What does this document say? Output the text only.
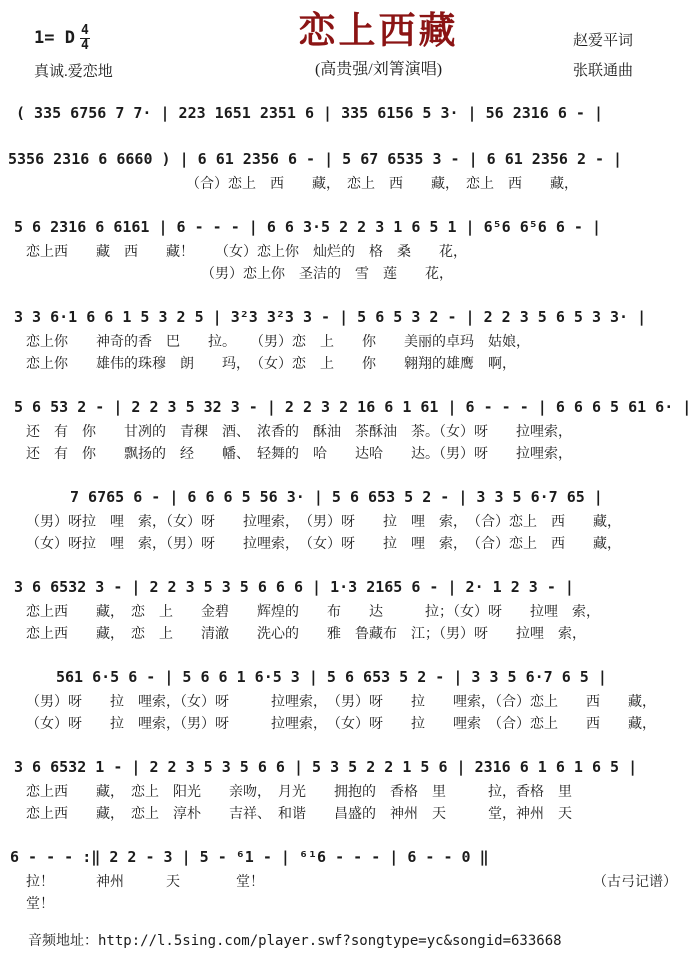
1= D $\frac{4}{4}$
真诚.爱恋地
恋上西藏
(高贵强/刘箐演唱)
赵爱平词
张联通曲
( 335 6756 7 7· | 223 1651 2351 6 | 335 6156 5 3· | 56 2316 6 - |
5356 2316 6 6660 ) | 6 61 2356 6 - | 5 67 6535 3 - | 6 61 2356 2 - |
（合）恋上　西　　藏，　恋上　西　　藏，　恋上　西　　藏，
5 6 2316 6 6161 | 6 - - - | 6 6 3·5 2 2 3 1 6 5 1 | 6⁵6 6⁵6 6 - |
恋上西　　藏　西　　藏！　　（女）恋上你　灿烂的　格　桑　　花，
　　　　　　　　　　　　　（男）恋上你　圣洁的　雪　莲　　花，
3 3 6·1 6 6 1 5 3 2 5 | 3²3 3²3 3 - | 5 6 5 3 2 - | 2 2 3 5 6 5 3 3· |
恋上你　　神奇的香　巴　　拉。　　（男）恋　上　　你　　美丽的卓玛　姑娘，
恋上你　　雄伟的珠穆　朗　　玛，　（女）恋　上　　你　　翱翔的雄鹰　啊，
5 6 53 2 - | 2 2 3 5 32 3 - | 2 2 3 2 16 6 1 61 | 6 - - - | 6 6 6 5 61 6· |
还　有　你　　甘冽的　青稞　酒、　浓香的　酥油　茶酥油　茶。（女）呀　　拉哩索，
还　有　你　　飘扬的　经　　幡、　轻舞的　哈　　达哈　　达。（男）呀　　拉哩索，
7 6765 6 - | 6 6 6 5 56 3· | 5 6 653 5 2 - | 3 3 5 6·7 65 |
（男）呀拉　哩　索，（女）呀　　拉哩索，　（男）呀　　拉　哩　索，　（合）恋上　西　　藏，
（女）呀拉　哩　索，（男）呀　　拉哩索，　（女）呀　　拉　哩　索，　（合）恋上　西　　藏，
3 6 6532 3 - | 2 2 3 5 3 5 6 6 6 | 1·3 2165 6 - | 2· 1 2 3 - |
恋上西　　藏，　恋　上　　金碧　　辉煌的　　布　　达　　　拉；（女）呀　　拉哩　索，
恋上西　　藏，　恋　上　　清澈　　洗心的　　雅　鲁藏布　江；（男）呀　　拉哩　索，
561 6·5 6 - | 5 6 6 1 6·5 3 | 5 6 653 5 2 - | 3 3 5 6·7 6 5 |
（男）呀　　拉　哩索，（女）呀　　　拉哩索，　（男）呀　　拉　　哩索，（合）恋上　　西　　藏，
（女）呀　　拉　哩索，（男）呀　　　拉哩索，　（女）呀　　拉　　哩索　（合）恋上　　西　　藏，
3 6 6532 1 - | 2 2 3 5 3 5 6 6 | 5 3 5 2 2 1 5 6 | 2316 6 1 6 1 6 5 |
恋上西　　藏，　恋上　阳光　　亲吻，　月光　　拥抱的　香格　里　　　拉，香格　里
恋上西　　藏，　恋上　淳朴　　吉祥、　和谐　　昌盛的　神州　天　　　堂，神州　天
6 - - - :‖ 2 2 - 3 | 5 - ⁶1 - | ⁶¹6 - - - | 6 - - 0 ‖
拉！　　　神州　　　天　　　　堂！	（古弓记谱）
堂！
音频地址：http://l.5sing.com/player.swf?songtype=yc&songid=633668
